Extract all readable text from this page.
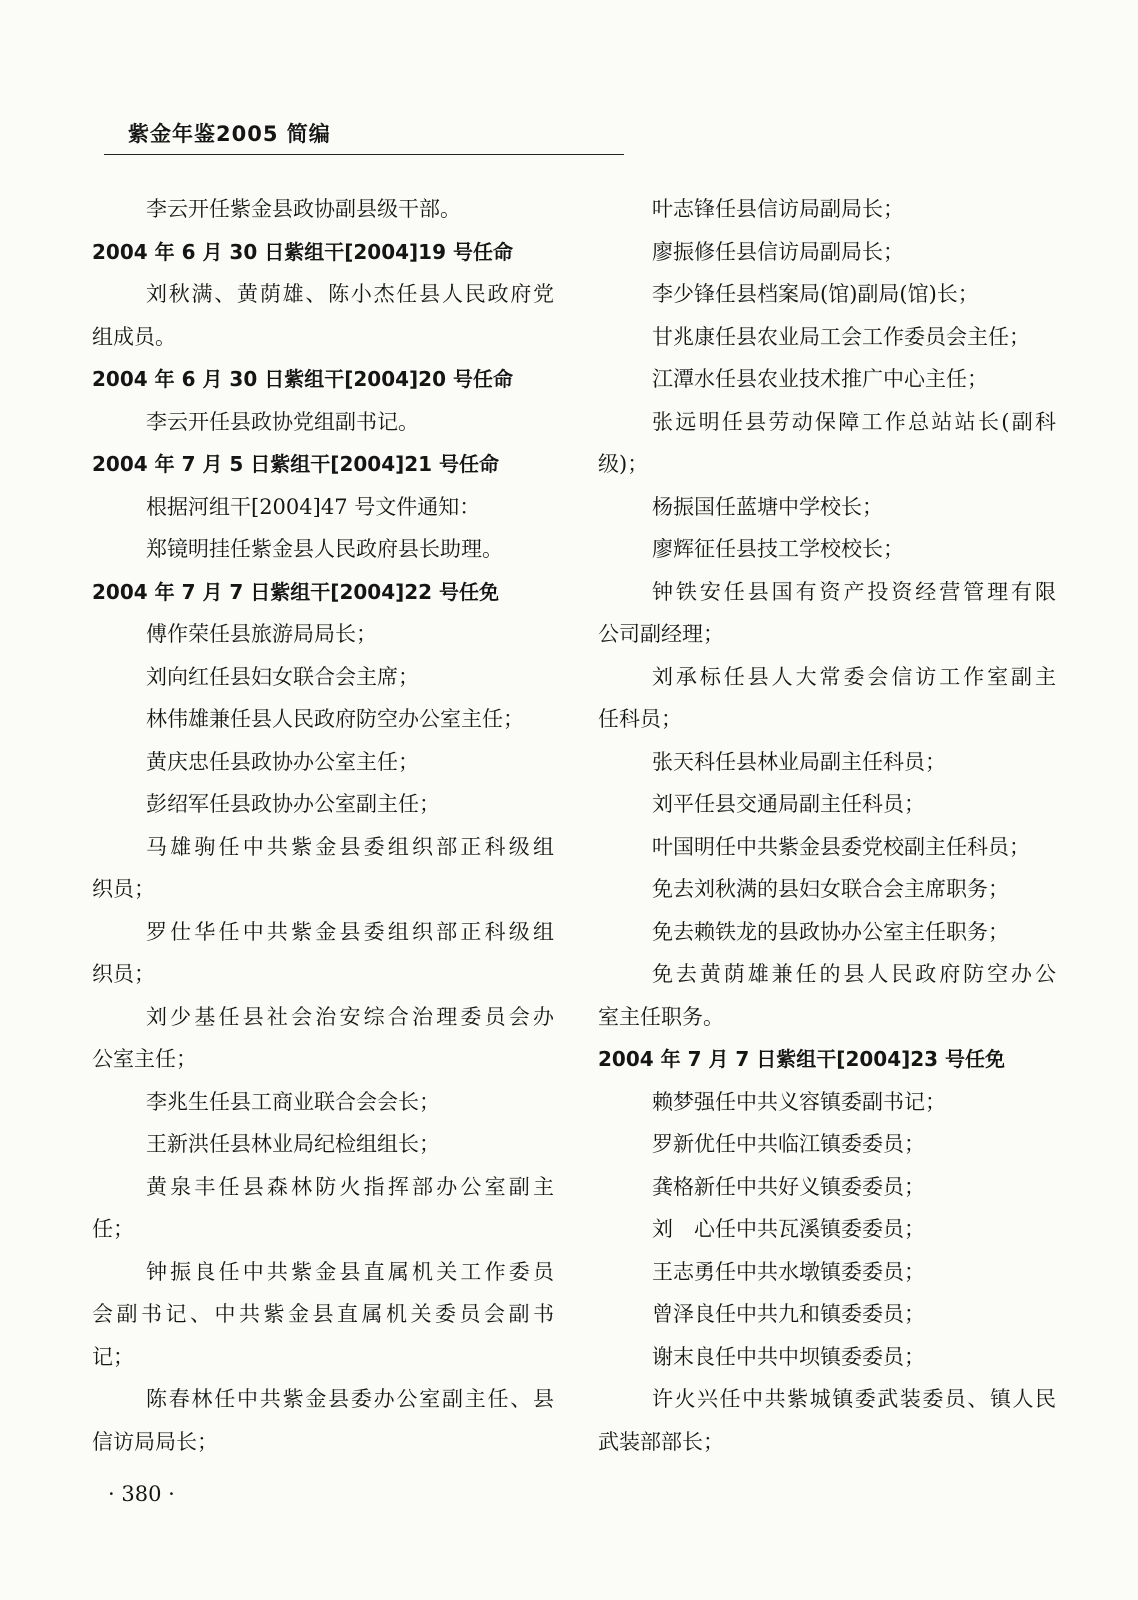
紫金年鉴2005 简编
李云开任紫金县政协副县级干部。
2004 年 6 月 30 日紫组干[2004]19 号任命
刘秋满、黄荫雄、陈小杰任县人民政府党
组成员。
2004 年 6 月 30 日紫组干[2004]20 号任命
李云开任县政协党组副书记。
2004 年 7 月 5 日紫组干[2004]21 号任命
根据河组干[2004]47 号文件通知：
郑镜明挂任紫金县人民政府县长助理。
2004 年 7 月 7 日紫组干[2004]22 号任免
傅作荣任县旅游局局长；
刘向红任县妇女联合会主席；
林伟雄兼任县人民政府防空办公室主任；
黄庆忠任县政协办公室主任；
彭绍军任县政协办公室副主任；
马雄驹任中共紫金县委组织部正科级组
织员；
罗仕华任中共紫金县委组织部正科级组
织员；
刘少基任县社会治安综合治理委员会办
公室主任；
李兆生任县工商业联合会会长；
王新洪任县林业局纪检组组长；
黄泉丰任县森林防火指挥部办公室副主
任；
钟振良任中共紫金县直属机关工作委员
会副书记、中共紫金县直属机关委员会副书
记；
陈春林任中共紫金县委办公室副主任、县
信访局局长；
叶志锋任县信访局副局长；
廖振修任县信访局副局长；
李少锋任县档案局(馆)副局(馆)长；
甘兆康任县农业局工会工作委员会主任；
江潭水任县农业技术推广中心主任；
张远明任县劳动保障工作总站站长(副科
级)；
杨振国任蓝塘中学校长；
廖辉征任县技工学校校长；
钟铁安任县国有资产投资经营管理有限
公司副经理；
刘承标任县人大常委会信访工作室副主
任科员；
张天科任县林业局副主任科员；
刘平任县交通局副主任科员；
叶国明任中共紫金县委党校副主任科员；
免去刘秋满的县妇女联合会主席职务；
免去赖铁龙的县政协办公室主任职务；
免去黄荫雄兼任的县人民政府防空办公
室主任职务。
2004 年 7 月 7 日紫组干[2004]23 号任免
赖梦强任中共义容镇委副书记；
罗新优任中共临江镇委委员；
龚格新任中共好义镇委委员；
刘　心任中共瓦溪镇委委员；
王志勇任中共水墩镇委委员；
曾泽良任中共九和镇委委员；
谢末良任中共中坝镇委委员；
许火兴任中共紫城镇委武装委员、镇人民
武装部部长；
· 380 ·
